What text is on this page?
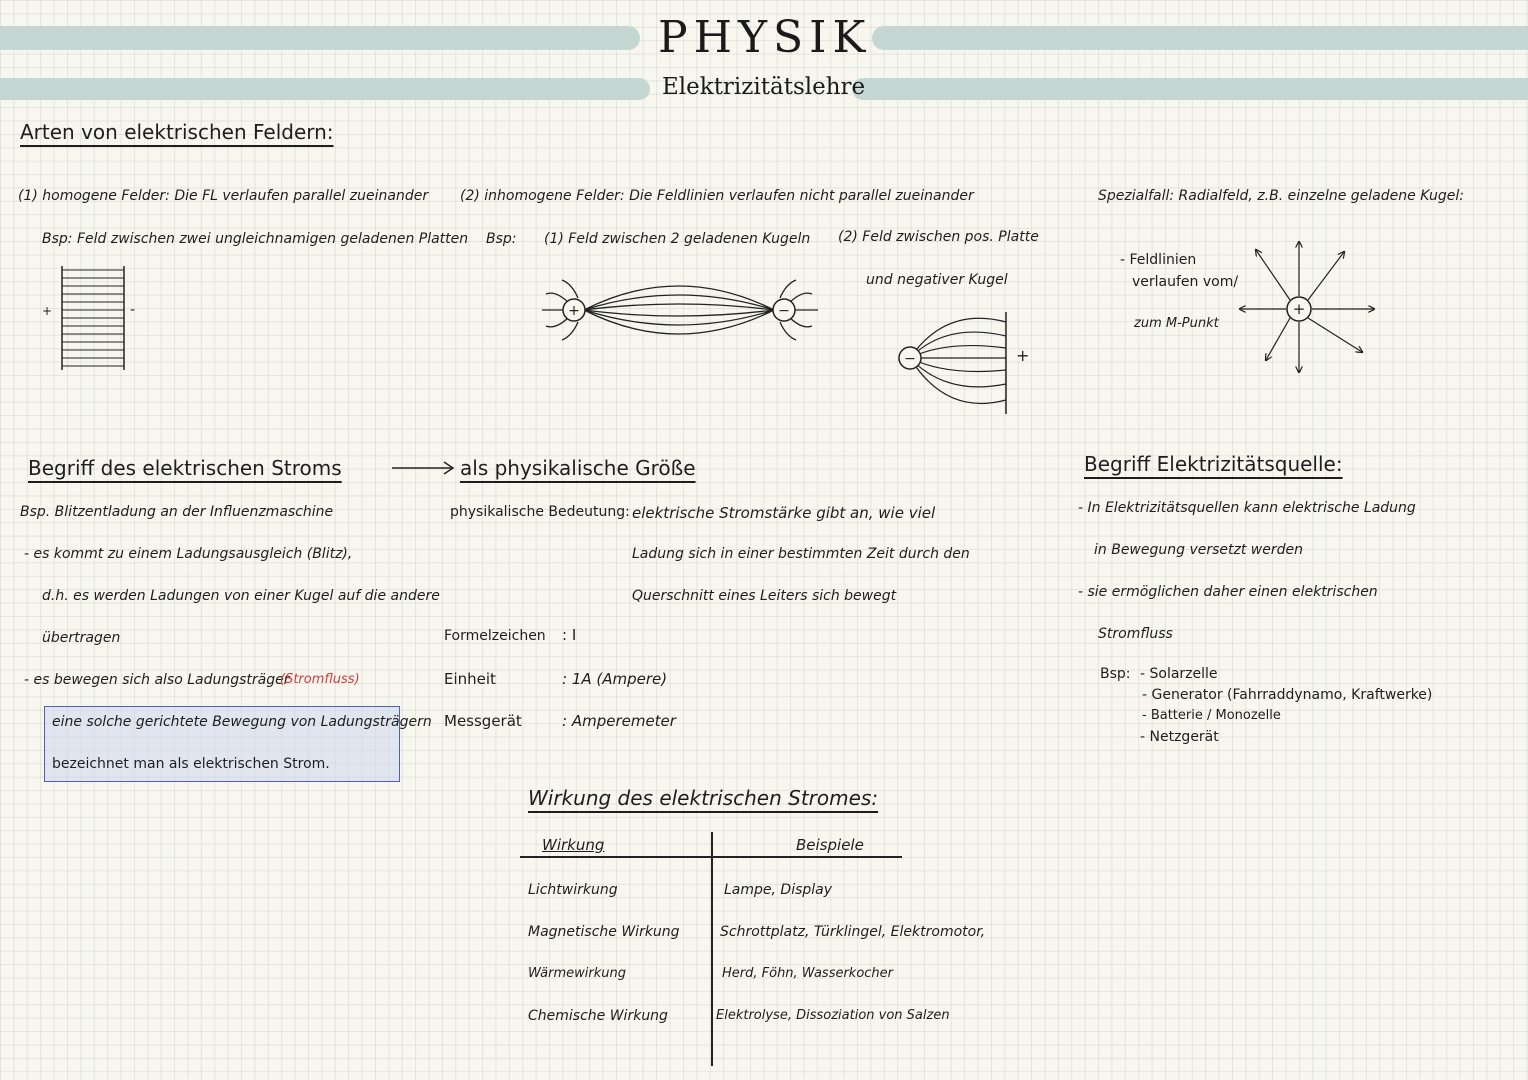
PHYSIK
Elektrizitätslehre
Arten von elektrischen Feldern:
(1) homogene Felder: Die FL verlaufen parallel zueinander
Bsp: Feld zwischen zwei ungleichnamigen geladenen Platten
+	-
(2) inhomogene Felder: Die Feldlinien verlaufen nicht parallel zueinander
Bsp: (1) Feld zwischen 2 geladenen Kugeln (2) Feld zwischen pos. Platte
und negativer Kugel
+	−
−	+
Spezialfall: Radialfeld, z.B. einzelne geladene Kugel:
- Feldlinien
verlaufen vom/
zum M-Punkt
+
Begriff des elektrischen Stroms	als physikalische Größe
Bsp. Blitzentladung an der Influenzmaschine
- es kommt zu einem Ladungsausgleich (Blitz),
d.h. es werden Ladungen von einer Kugel auf die andere
übertragen
- es bewegen sich also Ladungsträger
(Stromfluss)
eine solche gerichtete Bewegung von Ladungsträgern
bezeichnet man als elektrischen Strom.
physikalische Bedeutung: elektrische Stromstärke gibt an, wie viel
Ladung sich in einer bestimmten Zeit durch den
Querschnitt eines Leiters sich bewegt
Formelzeichen : I
Einheit	: 1A (Ampere)
Messgerät	: Amperemeter
Wirkung des elektrischen Stromes:
Wirkung	Beispiele
Lichtwirkung	Lampe, Display
Magnetische Wirkung	Schrottplatz, Türklingel, Elektromotor,
Wärmewirkung	Herd, Föhn, Wasserkocher
Chemische Wirkung	Elektrolyse, Dissoziation von Salzen
Begriff Elektrizitätsquelle:
- In Elektrizitätsquellen kann elektrische Ladung
in Bewegung versetzt werden
- sie ermöglichen daher einen elektrischen
Stromfluss
Bsp: - Solarzelle
- Generator (Fahrraddynamo, Kraftwerke)
- Batterie / Monozelle
- Netzgerät
